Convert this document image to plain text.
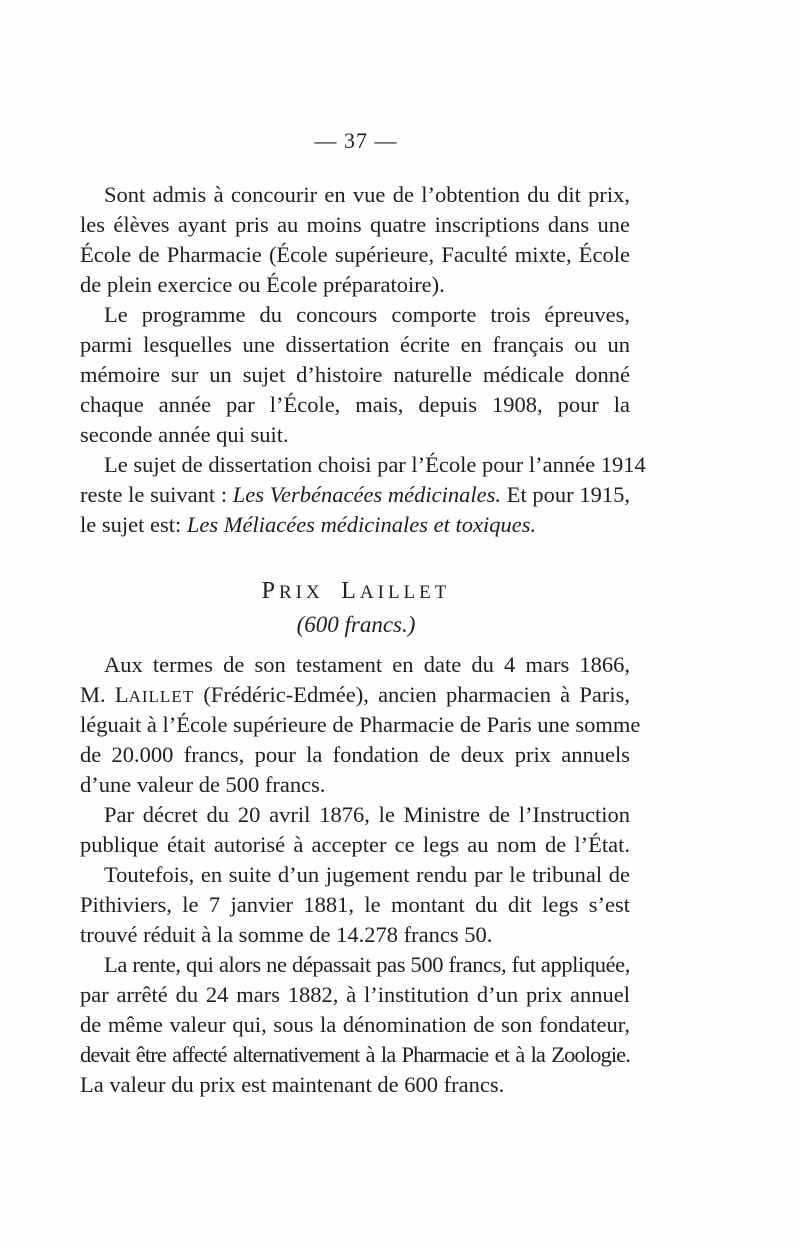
— 37 —
Sont admis à concourir en vue de l’obtention du dit prix,
les élèves ayant pris au moins quatre inscriptions dans une
École de Pharmacie (École supérieure, Faculté mixte, École
de plein exercice ou École préparatoire).
Le programme du concours comporte trois épreuves,
parmi lesquelles une dissertation écrite en français ou un
mémoire sur un sujet d’histoire naturelle médicale donné
chaque année par l’École, mais, depuis 1908, pour la
seconde année qui suit.
Le sujet de dissertation choisi par l’École pour l’année 1914
reste le suivant : Les Verbénacées médicinales. Et pour 1915,
le sujet est: Les Méliacées médicinales et toxiques.
PRIX LAILLET
(600 francs.)
Aux termes de son testament en date du 4 mars 1866,
M. LAILLET (Frédéric-Edmée), ancien pharmacien à Paris,
léguait à l’École supérieure de Pharmacie de Paris une somme
de 20.000 francs, pour la fondation de deux prix annuels
d’une valeur de 500 francs.
Par décret du 20 avril 1876, le Ministre de l’Instruction
publique était autorisé à accepter ce legs au nom de l’État.
Toutefois, en suite d’un jugement rendu par le tribunal de
Pithiviers, le 7 janvier 1881, le montant du dit legs s’est
trouvé réduit à la somme de 14.278 francs 50.
La rente, qui alors ne dépassait pas 500 francs, fut appliquée,
par arrêté du 24 mars 1882, à l’institution d’un prix annuel
de même valeur qui, sous la dénomination de son fondateur,
devait être affecté alternativement à la Pharmacie et à la Zoologie.
La valeur du prix est maintenant de 600 francs.
